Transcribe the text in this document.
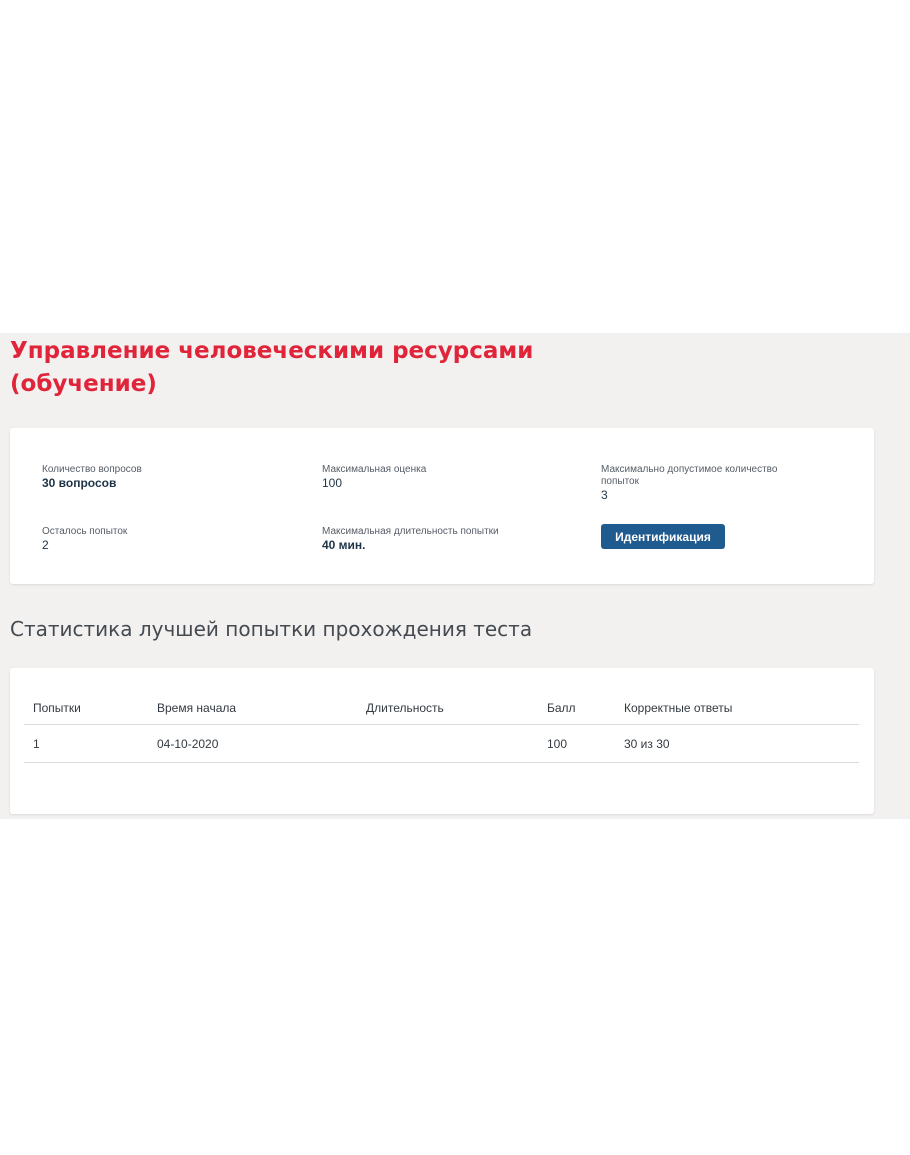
Управление человеческими ресурсами (обучение)
Количество вопросов
30 вопросов
Максимальная оценка
100
Максимально допустимое количество попыток
3
Осталось попыток
2
Максимальная длительность попытки
40 мин.
Идентификация
Статистика лучшей попытки прохождения теста
Попытки	Время начала	Длительность	Балл	Корректные ответы
1	04-10-2020		100	30 из 30
